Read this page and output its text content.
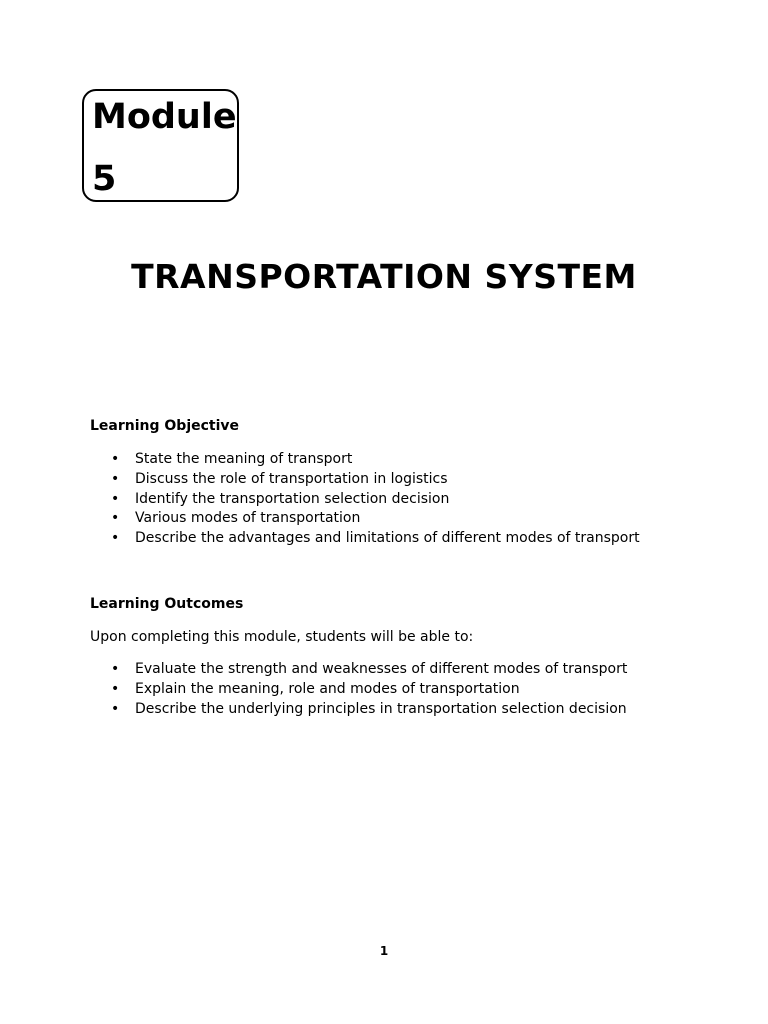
Module
5
TRANSPORTATION SYSTEM
Learning Objective
• State the meaning of transport
• Discuss the role of transportation in logistics
• Identify the transportation selection decision
• Various modes of transportation
• Describe the advantages and limitations of different modes of transport
Learning Outcomes
Upon completing this module, students will be able to:
• Evaluate the strength and weaknesses of different modes of transport
• Explain the meaning, role and modes of transportation
• Describe the underlying principles in transportation selection decision
1
